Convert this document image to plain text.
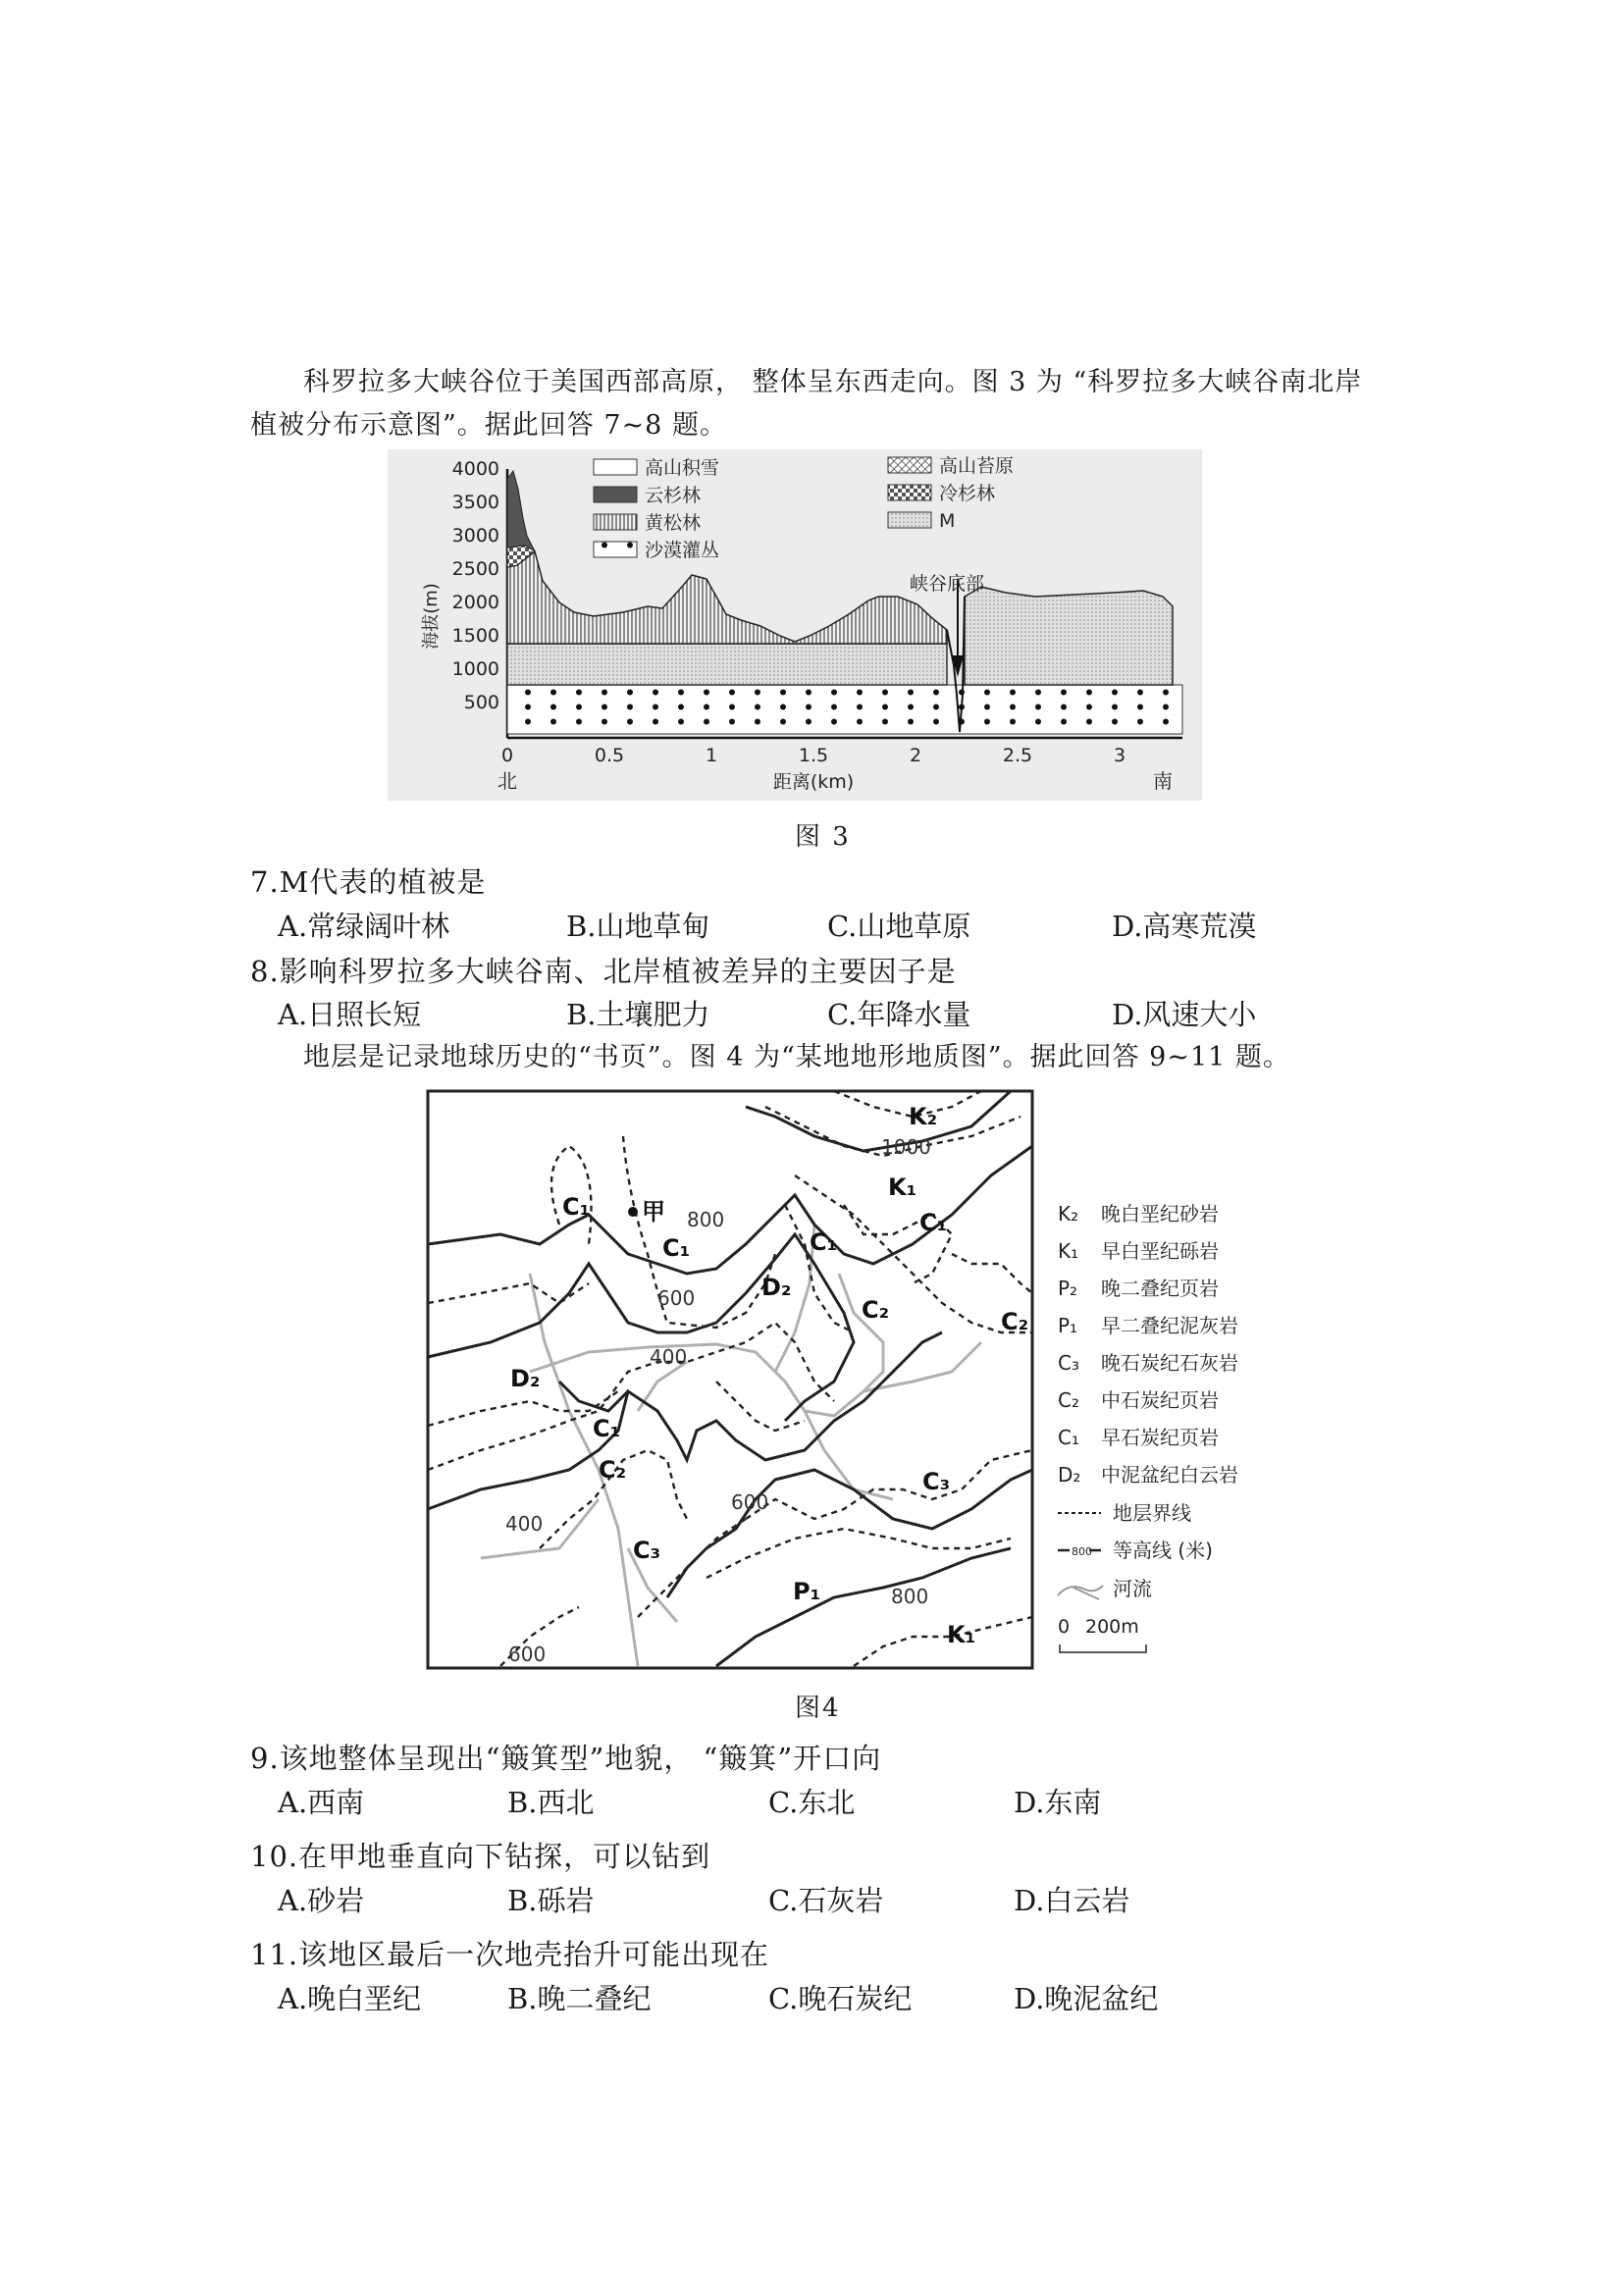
科罗拉多大峡谷位于美国西部高原， 整体呈东西走向。图 3 为 “科罗拉多大峡谷南北岸植被分布示意图”。据此回答 7~8 题。

峡谷底部
4000
3500
3000
2500
2000
1500
1000
500
海拔(m)
0	0.5	1	1.5	2	2.5	3
北	距离(km)	南
高山积雪
云杉林
黄松林
沙漠灌丛
高山苔原
冷杉林
M
图 3

7.M代表的植被是

A.常绿阔叶林	B.山地草甸	C.山地草原	D.高寒荒漠

8.影响科罗拉多大峡谷南、北岸植被差异的主要因子是

A.日照长短	B.土壤肥力	C.年降水量	D.风速大小

地层是记录地球历史的“书页”。图 4 为“某地地形地质图”。据此回答 9~11 题。

K₂
K₁
C₁ 甲
C₁	C₁
C₁
D₂
C₂	C₂
D₂
C₁
C₂	C₃
C₃
P₁
K₁
1000
800
600
400
400
600
800
600
K₂ 晚白垩纪砂岩
K₁ 早白垩纪砾岩
P₂ 晚二叠纪页岩
P₁ 早二叠纪泥灰岩
C₃ 晚石炭纪石灰岩
C₂ 中石炭纪页岩
C₁ 早石炭纪页岩
D₂ 中泥盆纪白云岩
地层界线
800 等高线 (米)
河流
0 200m
图4

9.该地整体呈现出“簸箕型”地貌， “簸箕”开口向

A.西南	B.西北	C.东北	D.东南

10.在甲地垂直向下钻探，可以钻到

A.砂岩	B.砾岩	C.石灰岩	D.白云岩

11.该地区最后一次地壳抬升可能出现在

A.晚白垩纪	B.晚二叠纪	C.晚石炭纪	D.晚泥盆纪
